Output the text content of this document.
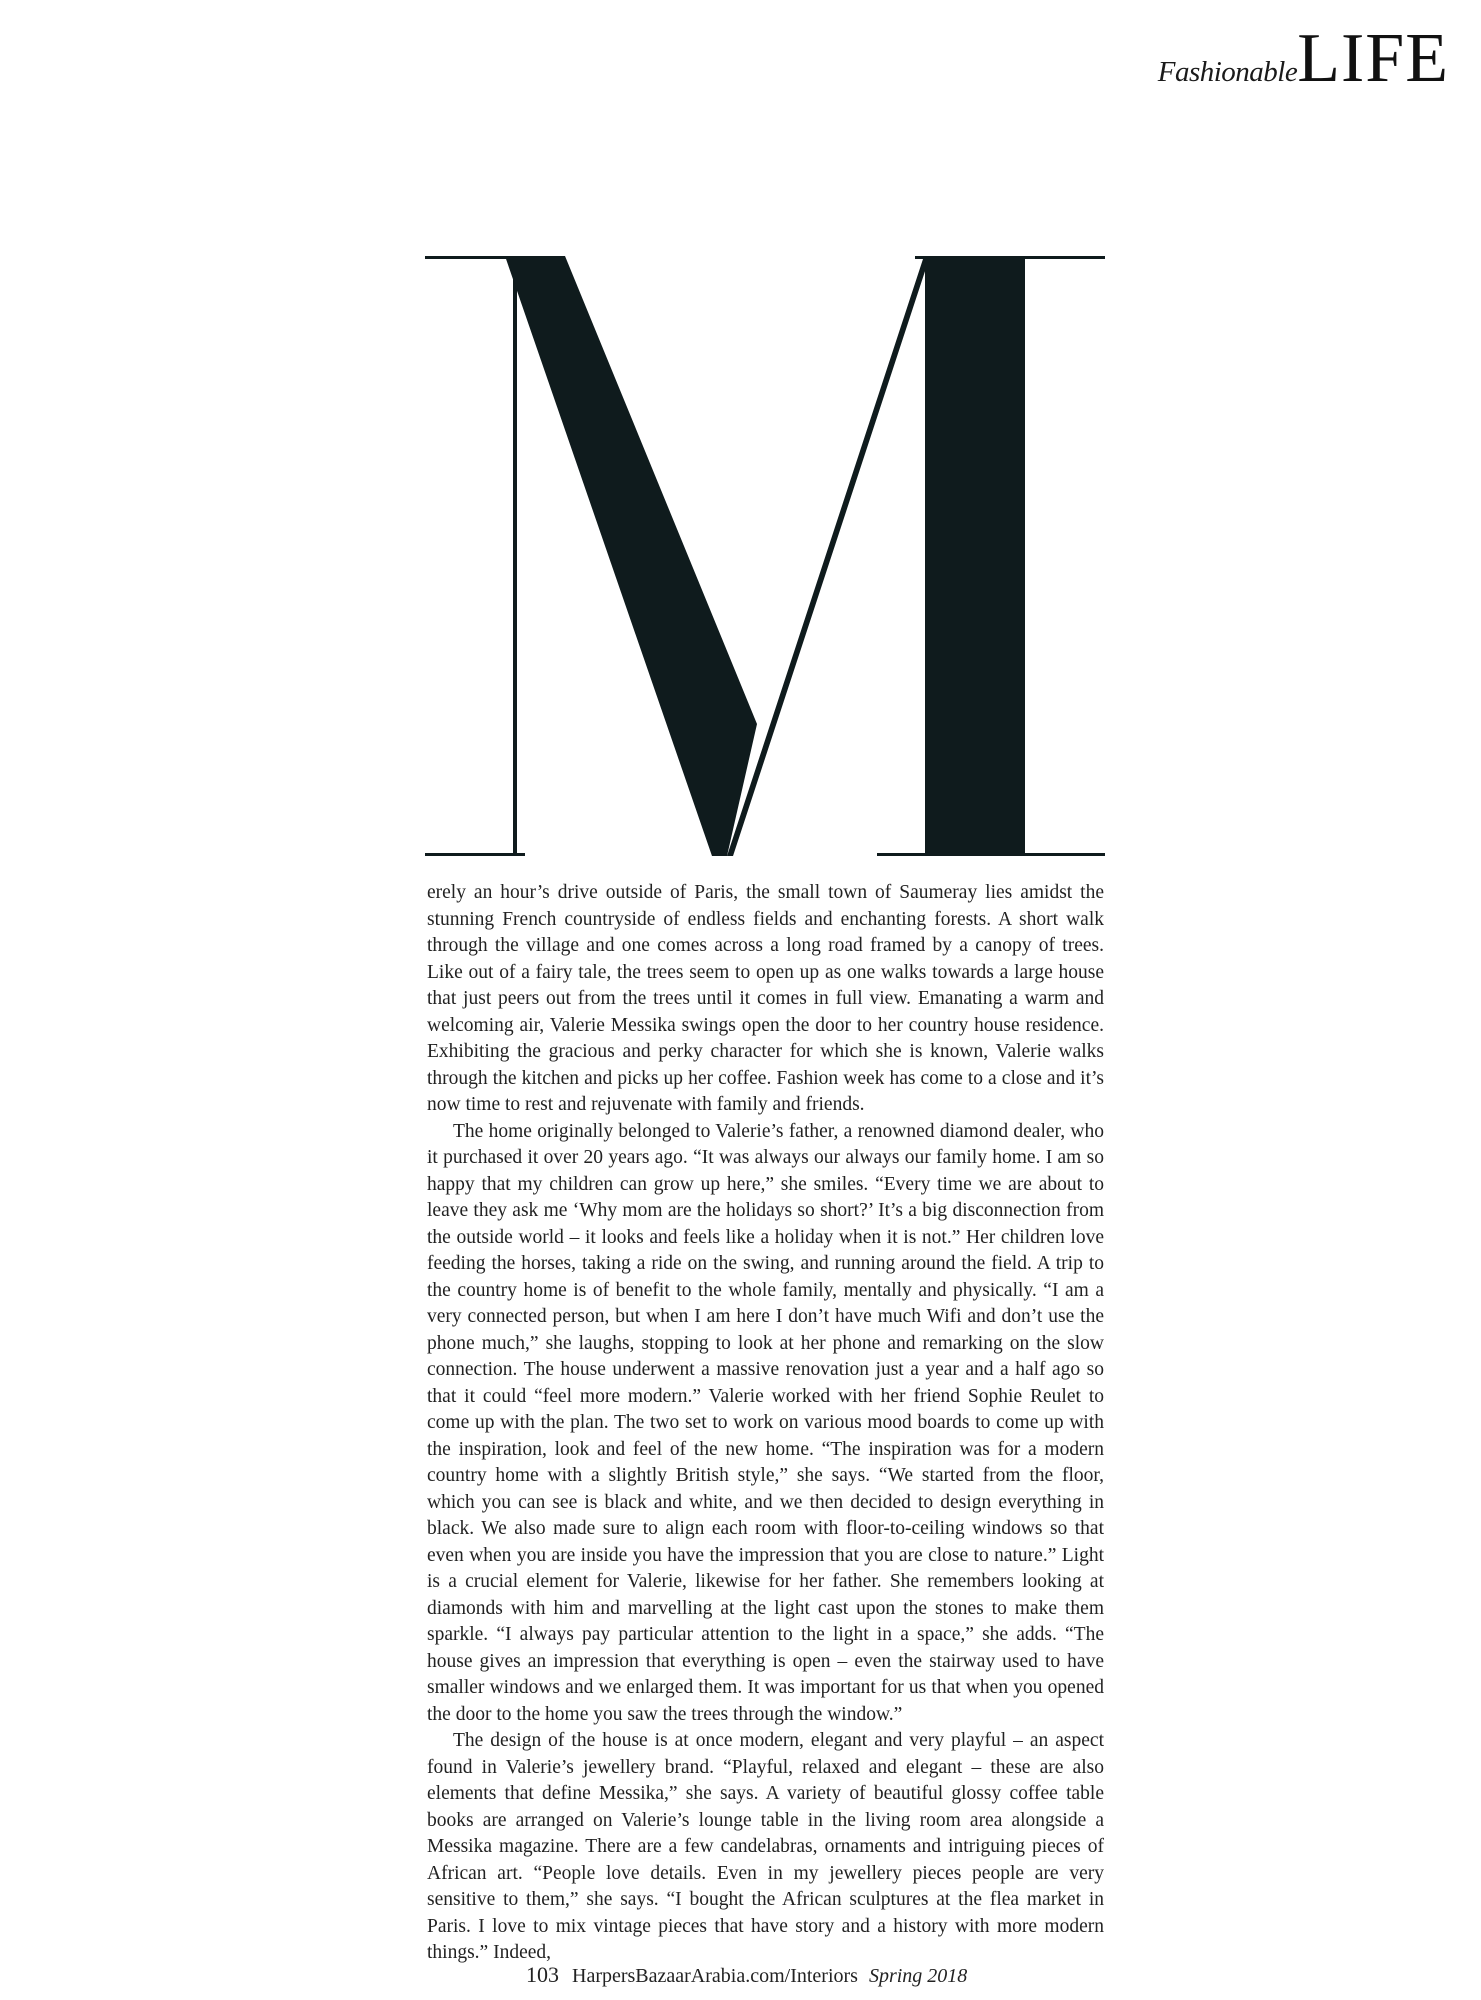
Fashionable LIFE

erely an hour’s drive outside of Paris, the small town of Saumeray lies amidst the stunning French countryside of endless fields and enchanting forests. A short walk through the village and one comes across a long road framed by a canopy of trees. Like out of a fairy tale, the trees seem to open up as one walks towards a large house that just peers out from the trees until it comes in full view. Emanating a warm and welcoming air, Valerie Messika swings open the door to her country house residence. Exhibiting the gracious and perky character for which she is known, Valerie walks through the kitchen and picks up her coffee. Fashion week has come to a close and it’s now time to rest and rejuvenate with family and friends.

The home originally belonged to Valerie’s father, a renowned diamond dealer, who it purchased it over 20 years ago. “It was always our always our family home. I am so happy that my children can grow up here,” she smiles. “Every time we are about to leave they ask me ‘Why mom are the holidays so short?’ It’s a big disconnection from the outside world – it looks and feels like a holiday when it is not.” Her children love feeding the horses, taking a ride on the swing, and running around the field. A trip to the country home is of benefit to the whole family, mentally and physically. “I am a very connected person, but when I am here I don’t have much Wifi and don’t use the phone much,” she laughs, stopping to look at her phone and remarking on the slow connection. The house underwent a massive renovation just a year and a half ago so that it could “feel more modern.” Valerie worked with her friend Sophie Reulet to come up with the plan. The two set to work on various mood boards to come up with the inspiration, look and feel of the new home. “The inspiration was for a modern country home with a slightly British style,” she says. “We started from the floor, which you can see is black and white, and we then decided to design everything in black. We also made sure to align each room with floor-to-ceiling windows so that even when you are inside you have the impression that you are close to nature.” Light is a crucial element for Valerie, likewise for her father. She remembers looking at diamonds with him and marvelling at the light cast upon the stones to make them sparkle. “I always pay particular attention to the light in a space,” she adds. “The house gives an impression that everything is open – even the stairway used to have smaller windows and we enlarged them. It was important for us that when you opened the door to the home you saw the trees through the window.”

The design of the house is at once modern, elegant and very playful – an aspect found in Valerie’s jewellery brand. “Playful, relaxed and elegant – these are also elements that define Messika,” she says. A variety of beautiful glossy coffee table books are arranged on Valerie’s lounge table in the living room area alongside a Messika magazine. There are a few candelabras, ornaments and intriguing pieces of African art. “People love details. Even in my jewellery pieces people are very sensitive to them,” she says. “I bought the African sculptures at the flea market in Paris. I love to mix vintage pieces that have story and a history with more modern things.” Indeed,

103 HarpersBazaarArabia.com/Interiors Spring 2018
